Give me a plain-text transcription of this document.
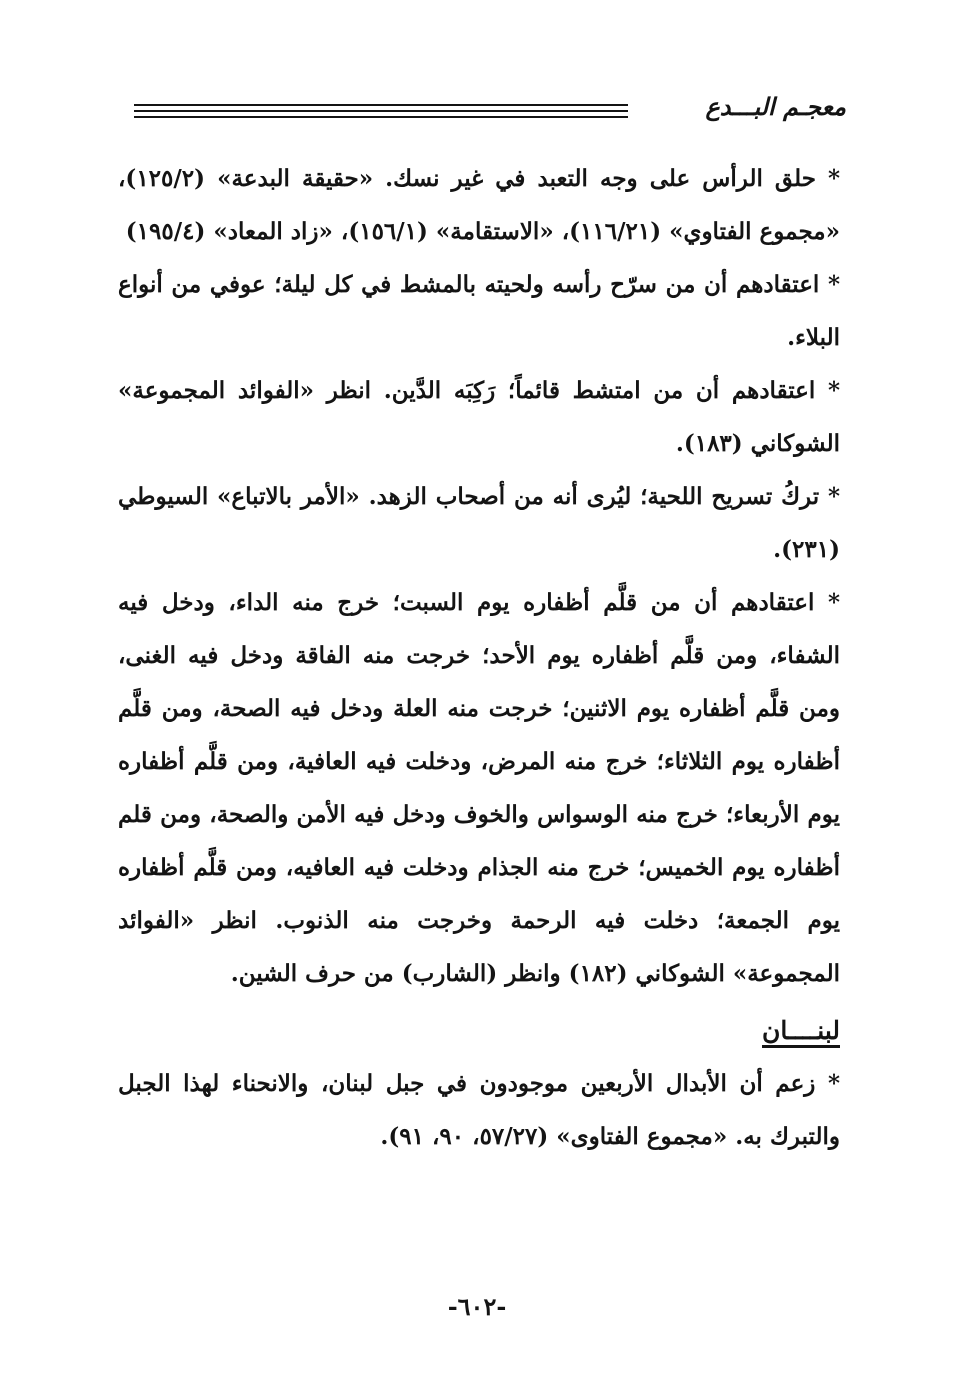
معجـم البـــدع

* حلق الرأس على وجه التعبد في غير نسك. «حقيقة البدعة» (١٢٥/٢)، «مجموع الفتاوي» (١١٦/٢١)، «الاستقامة» (١٥٦/١)، «زاد المعاد» (١٩٥/٤)

* اعتقادهم أن من سرّح رأسه ولحيته بالمشط في كل ليلة؛ عوفي من أنواع البلاء.

* اعتقادهم أن من امتشط قائماً؛ رَكِبَه الدَّين. انظر «الفوائد المجموعة» الشوكاني (١٨٣).

* تركُ تسريح اللحية؛ ليُرى أنه من أصحاب الزهد. «الأمر بالاتباع» السيوطي (٢٣١).

* اعتقادهم أن من قلَّم أظفاره يوم السبت؛ خرج منه الداء، ودخل فيه الشفاء، ومن قلَّم أظفاره يوم الأحد؛ خرجت منه الفاقة ودخل فيه الغنى، ومن قلَّم أظفاره يوم الاثنين؛ خرجت منه العلة ودخل فيه الصحة، ومن قلَّم أظفاره يوم الثلاثاء؛ خرج منه المرض، ودخلت فيه العافية، ومن قلَّم أظفاره يوم الأربعاء؛ خرج منه الوسواس والخوف ودخل فيه الأمن والصحة، ومن قلم أظفاره يوم الخميس؛ خرج منه الجذام ودخلت فيه العافيه، ومن قلَّم أظفاره يوم الجمعة؛ دخلت فيه الرحمة وخرجت منه الذنوب. انظر «الفوائد المجموعة» الشوكاني (١٨٢) وانظر (الشارب) من حرف الشين.

لبنــــان

* زعم أن الأبدال الأربعين موجودون في جبل لبنان، والانحناء لهذا الجبل والتبرك به. «مجموع الفتاوى» (٥٧/٢٧، ٩٠، ٩١).

-٦٠٢-
